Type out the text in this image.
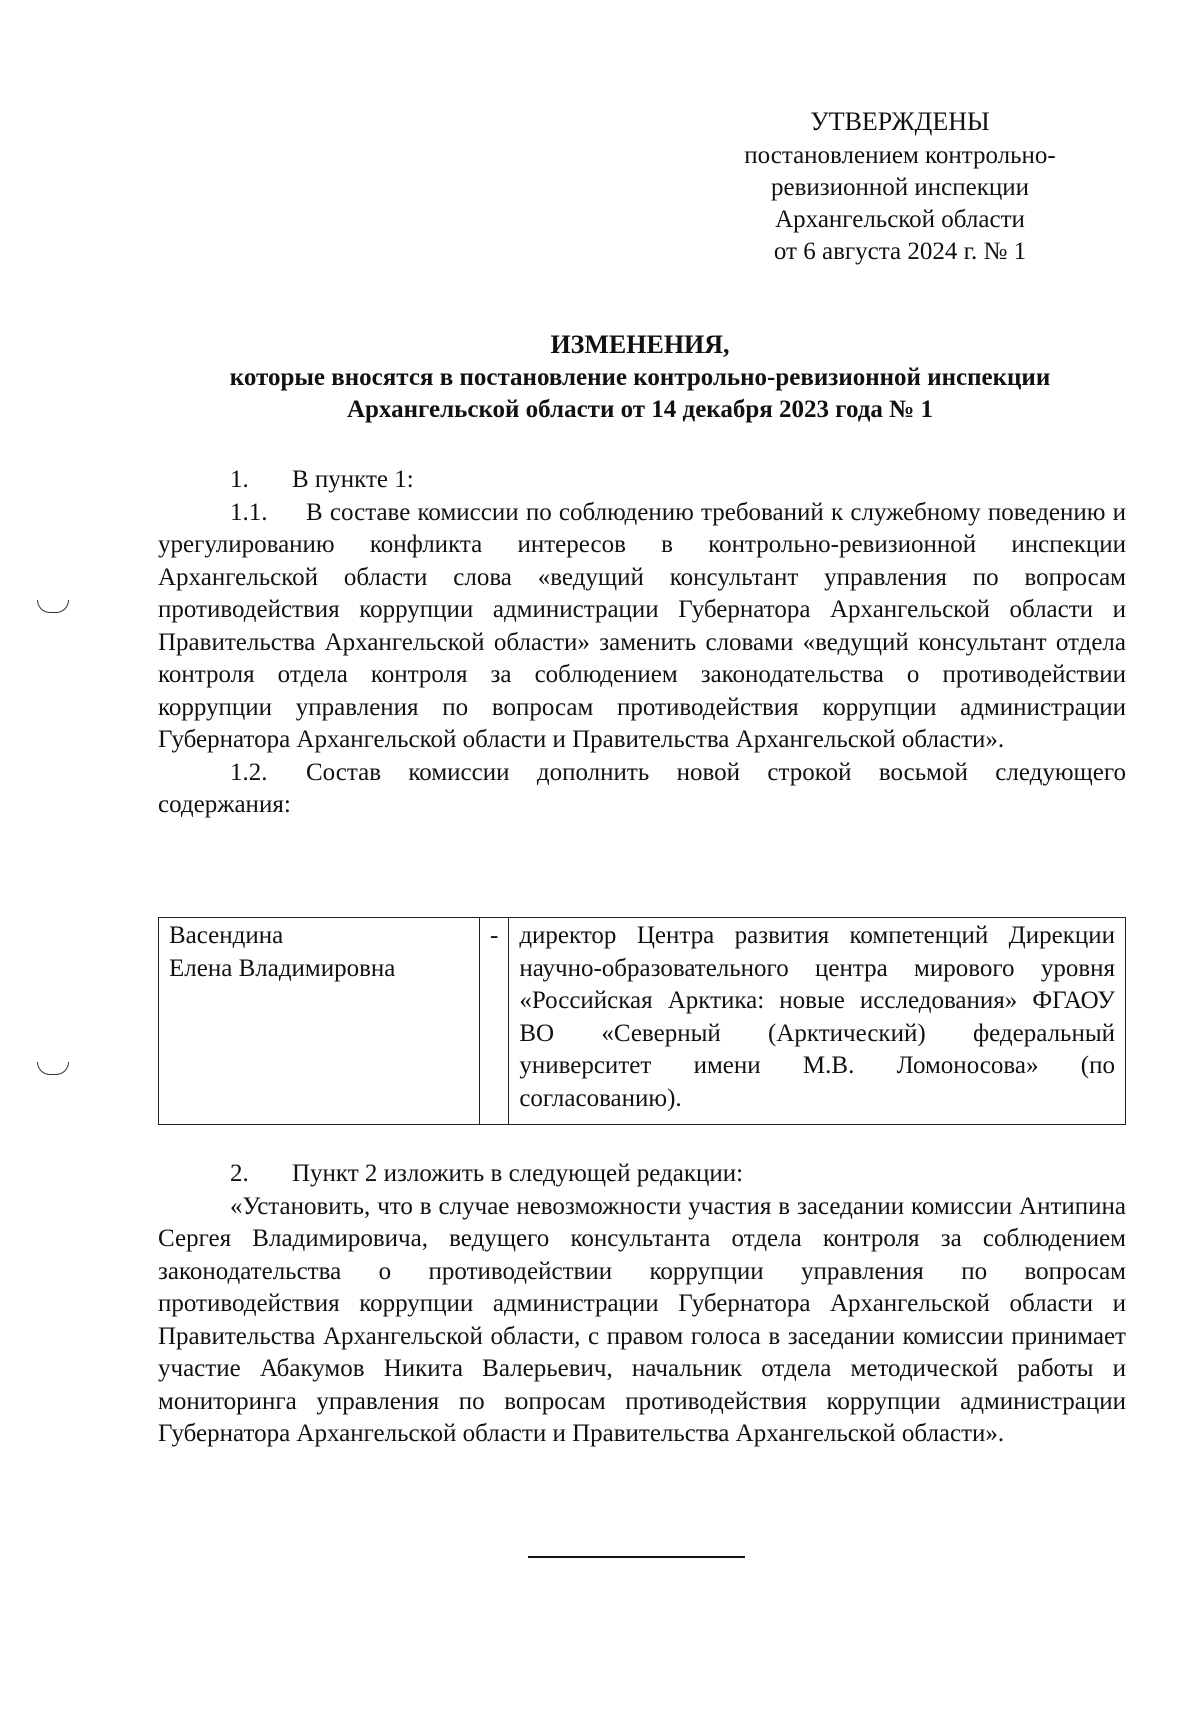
УТВЕРЖДЕНЫ
постановлением контрольно-
ревизионной инспекции
Архангельской области
от 6 августа 2024 г. № 1
ИЗМЕНЕНИЯ,
которые вносятся в постановление контрольно-ревизионной инспекции
Архангельской области от 14 декабря 2023 года № 1

1. В пункте 1:

1.1. В составе комиссии по соблюдению требований к служебному поведению и урегулированию конфликта интересов в контрольно-ревизионной инспекции Архангельской области слова «ведущий консультант управления по вопросам противодействия коррупции администрации Губернатора Архангельской области и Правительства Архангельской области» заменить словами «ведущий консультант отдела контроля отдела контроля за соблюдением законодательства о противодействии коррупции управления по вопросам противодействия коррупции администрации Губернатора Архангельской области и Правительства Архангельской области».

1.2. Состав комиссии дополнить новой строкой восьмой следующего содержания:

Васендина
Елена Владимировна
	-	директор Центра развития компетенций Дирекции научно-образовательного центра мирового уровня «Российская Арктика: новые исследования» ФГАОУ ВО «Северный (Арктический) федеральный университет имени М.В. Ломоносова» (по согласованию).

2. Пункт 2 изложить в следующей редакции:

«Установить, что в случае невозможности участия в заседании комиссии Антипина Сергея Владимировича, ведущего консультанта отдела контроля за соблюдением законодательства о противодействии коррупции управления по вопросам противодействия коррупции администрации Губернатора Архангельской области и Правительства Архангельской области, с правом голоса в заседании комиссии принимает участие Абакумов Никита Валерьевич, начальник отдела методической работы и мониторинга управления по вопросам противодействия коррупции администрации Губернатора Архангельской области и Правительства Архангельской области».
